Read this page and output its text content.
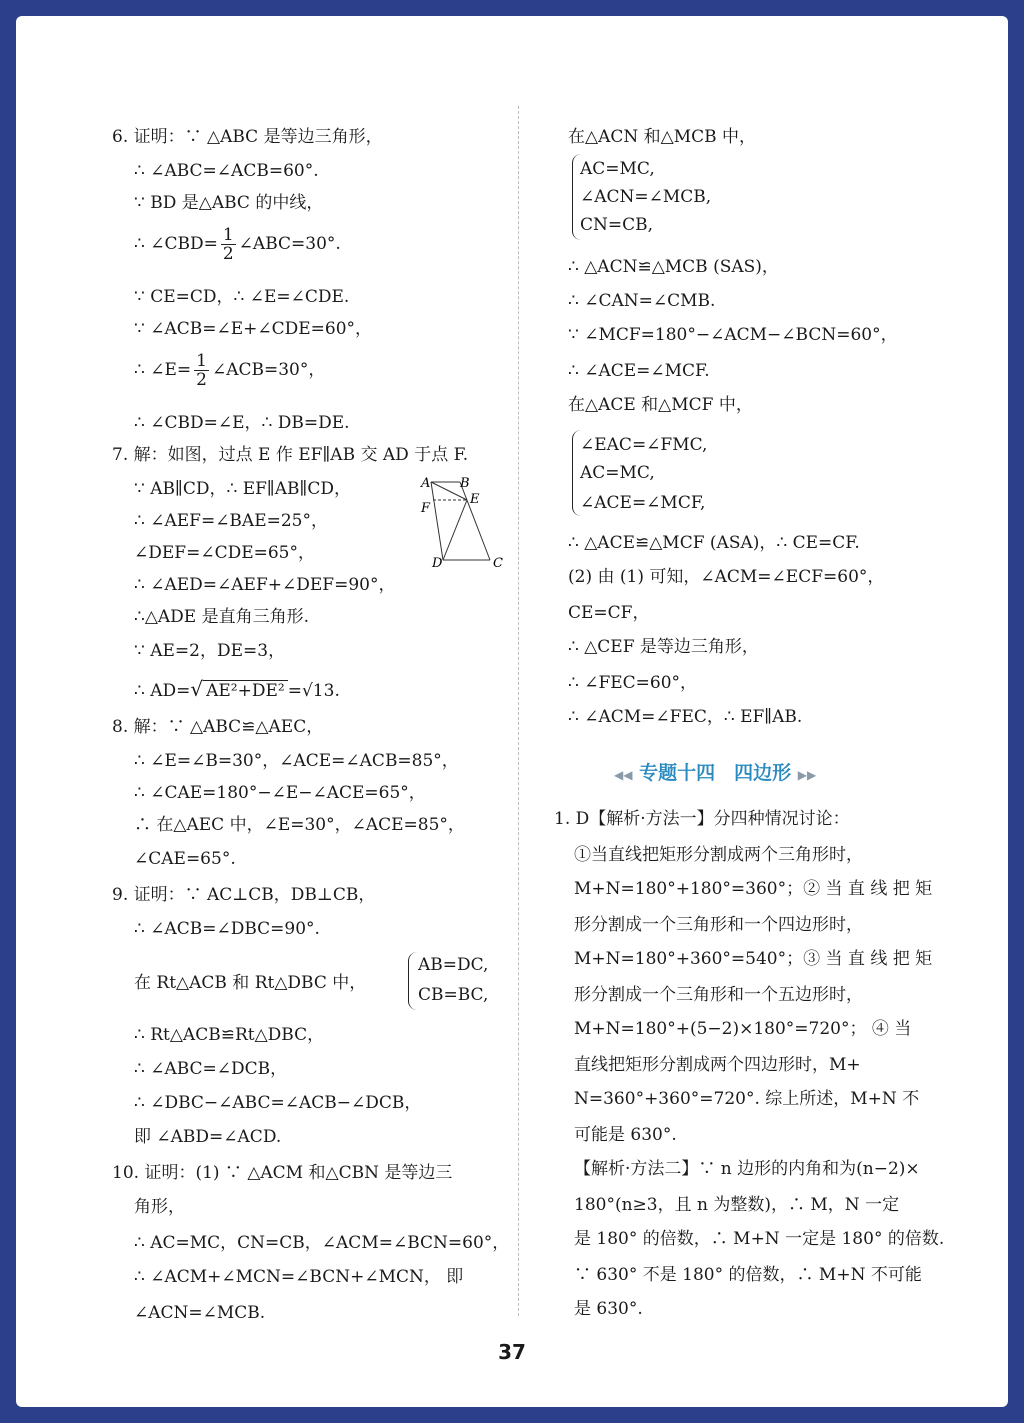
6. 证明：∵ △ABC 是等边三角形，
∴ ∠ABC=∠ACB=60°.
∵ BD 是△ABC 的中线，
∴ ∠CBD= $\frac{1}{2}$ ∠ABC=30°.
∵ CE=CD，∴ ∠E=∠CDE.
∵ ∠ACB=∠E+∠CDE=60°，
∴ ∠E= $\frac{1}{2}$ ∠ACB=30°，
∴ ∠CBD=∠E，∴ DB=DE.
7. 解：如图，过点 E 作 EF∥AB 交 AD 于点 F.
∵ AB∥CD，∴ EF∥AB∥CD，
∴ ∠AEF=∠BAE=25°，
∠DEF=∠CDE=65°，
∴ ∠AED=∠AEF+∠DEF=90°，
∴△ADE 是直角三角形.
∵ AE=2，DE=3，
∴ AD=√ AE²+DE² =√13.
8. 解：∵ △ABC≌△AEC，
∴ ∠E=∠B=30°，∠ACE=∠ACB=85°，
∴ ∠CAE=180°−∠E−∠ACE=65°，
∴ 在△AEC 中，∠E=30°，∠ACE=85°，
∠CAE=65°.
9. 证明：∵ AC⊥CB，DB⊥CB，
∴ ∠ACB=∠DBC=90°.
在 Rt△ACB 和 Rt△DBC 中，
AB=DC,
CB=BC,
∴ Rt△ACB≌Rt△DBC，
∴ ∠ABC=∠DCB，
∴ ∠DBC−∠ABC=∠ACB−∠DCB，
即 ∠ABD=∠ACD.
10. 证明：(1) ∵ △ACM 和△CBN 是等边三
角形，
∴ AC=MC，CN=CB，∠ACM=∠BCN=60°，
∴ ∠ACM+∠MCN=∠BCN+∠MCN， 即
∠ACN=∠MCB.
A B
E
F
D	C
在△ACN 和△MCB 中，
AC=MC,
∠ACN=∠MCB,
CN=CB,
∴ △ACN≌△MCB (SAS)，
∴ ∠CAN=∠CMB.
∵ ∠MCF=180°−∠ACM−∠BCN=60°，
∴ ∠ACE=∠MCF.
在△ACE 和△MCF 中，
∠EAC=∠FMC,
AC=MC,
∠ACE=∠MCF,
∴ △ACE≌△MCF (ASA)，∴ CE=CF.
(2) 由 (1) 可知，∠ACM=∠ECF=60°，
CE=CF，
∴ △CEF 是等边三角形，
∴ ∠FEC=60°，
∴ ∠ACM=∠FEC，∴ EF∥AB.
1. D【解析·方法一】分四种情况讨论：
①当直线把矩形分割成两个三角形时，
M+N=180°+180°=360°；② 当 直 线 把 矩
形分割成一个三角形和一个四边形时，
M+N=180°+360°=540°；③ 当 直 线 把 矩
形分割成一个三角形和一个五边形时，
M+N=180°+(5−2)×180°=720°； ④ 当
直线把矩形分割成两个四边形时，M+
N=360°+360°=720°. 综上所述，M+N 不
可能是 630°.
【解析·方法二】∵ n 边形的内角和为(n−2)×
180°(n≥3，且 n 为整数)，∴ M，N 一定
是 180° 的倍数，∴ M+N 一定是 180° 的倍数.
∵ 630° 不是 180° 的倍数，∴ M+N 不可能
是 630°.
◀◀ 专题十四　四边形 ▶▶
37
